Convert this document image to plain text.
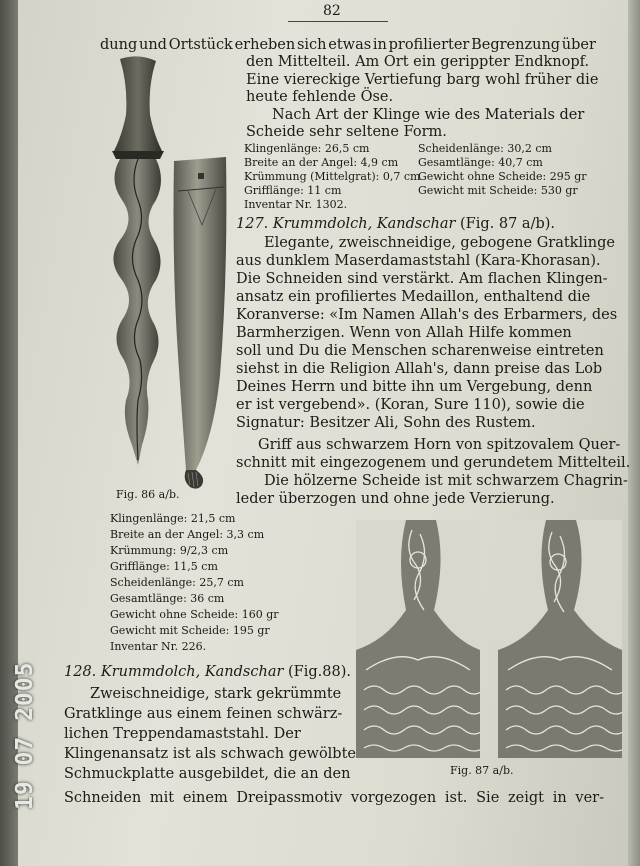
82
dung und Ortstück erheben sich etwas in profilierter Begrenzung über
den Mittelteil. Am Ort ein gerippter Endknopf.
Eine viereckige Vertiefung barg wohl früher die
heute fehlende Öse.
Nach Art der Klinge wie des Materials der
Scheide sehr seltene Form.
Klingenlänge: 26,5 cm
Breite an der Angel: 4,9 cm
Krümmung (Mittelgrat): 0,7 cm
Grifflänge: 11 cm
Inventar Nr. 1302.
Scheidenlänge: 30,2 cm
Gesamtlänge: 40,7 cm
Gewicht ohne Scheide: 295 gr
Gewicht mit Scheide: 530 gr
127. Krummdolch, Kandschar (Fig. 87 a/b).
Elegante, zweischneidige, gebogene Gratklinge
aus dunklem Maserdamaststahl (Kara-Khorasan).
Die Schneiden sind verstärkt. Am flachen Klingen-
ansatz ein profiliertes Medaillon, enthaltend die
Koranverse: «Im Namen Allah's des Erbarmers, des
Barmherzigen. Wenn von Allah Hilfe kommen
soll und Du die Menschen scharenweise eintreten
siehst in die Religion Allah's, dann preise das Lob
Deines Herrn und bitte ihn um Vergebung, denn
er ist vergebend». (Koran, Sure 110), sowie die
Signatur: Besitzer Ali, Sohn des Rustem.
Griff aus schwarzem Horn von spitzovalem Quer-
schnitt mit eingezogenem und gerundetem Mittelteil.
Die hölzerne Scheide ist mit schwarzem Chagrin-
leder überzogen und ohne jede Verzierung.
Fig. 86 a/b.
Klingenlänge: 21,5 cm
Breite an der Angel: 3,3 cm
Krümmung: 9/2,3 cm
Grifflänge: 11,5 cm
Scheidenlänge: 25,7 cm
Gesamtlänge: 36 cm
Gewicht ohne Scheide: 160 gr
Gewicht mit Scheide: 195 gr
Inventar Nr. 226.
128. Krummdolch, Kandschar (Fig.88).
Zweischneidige, stark gekrümmte
Gratklinge aus einem feinen schwärz-
lichen Treppendamaststahl. Der
Klingenansatz ist als schwach gewölbte
Schmuckplatte ausgebildet, die an den
Schneiden mit einem Dreipassmotiv vorgezogen ist. Sie zeigt in ver-
Fig. 87 a/b.
19 07 2005
